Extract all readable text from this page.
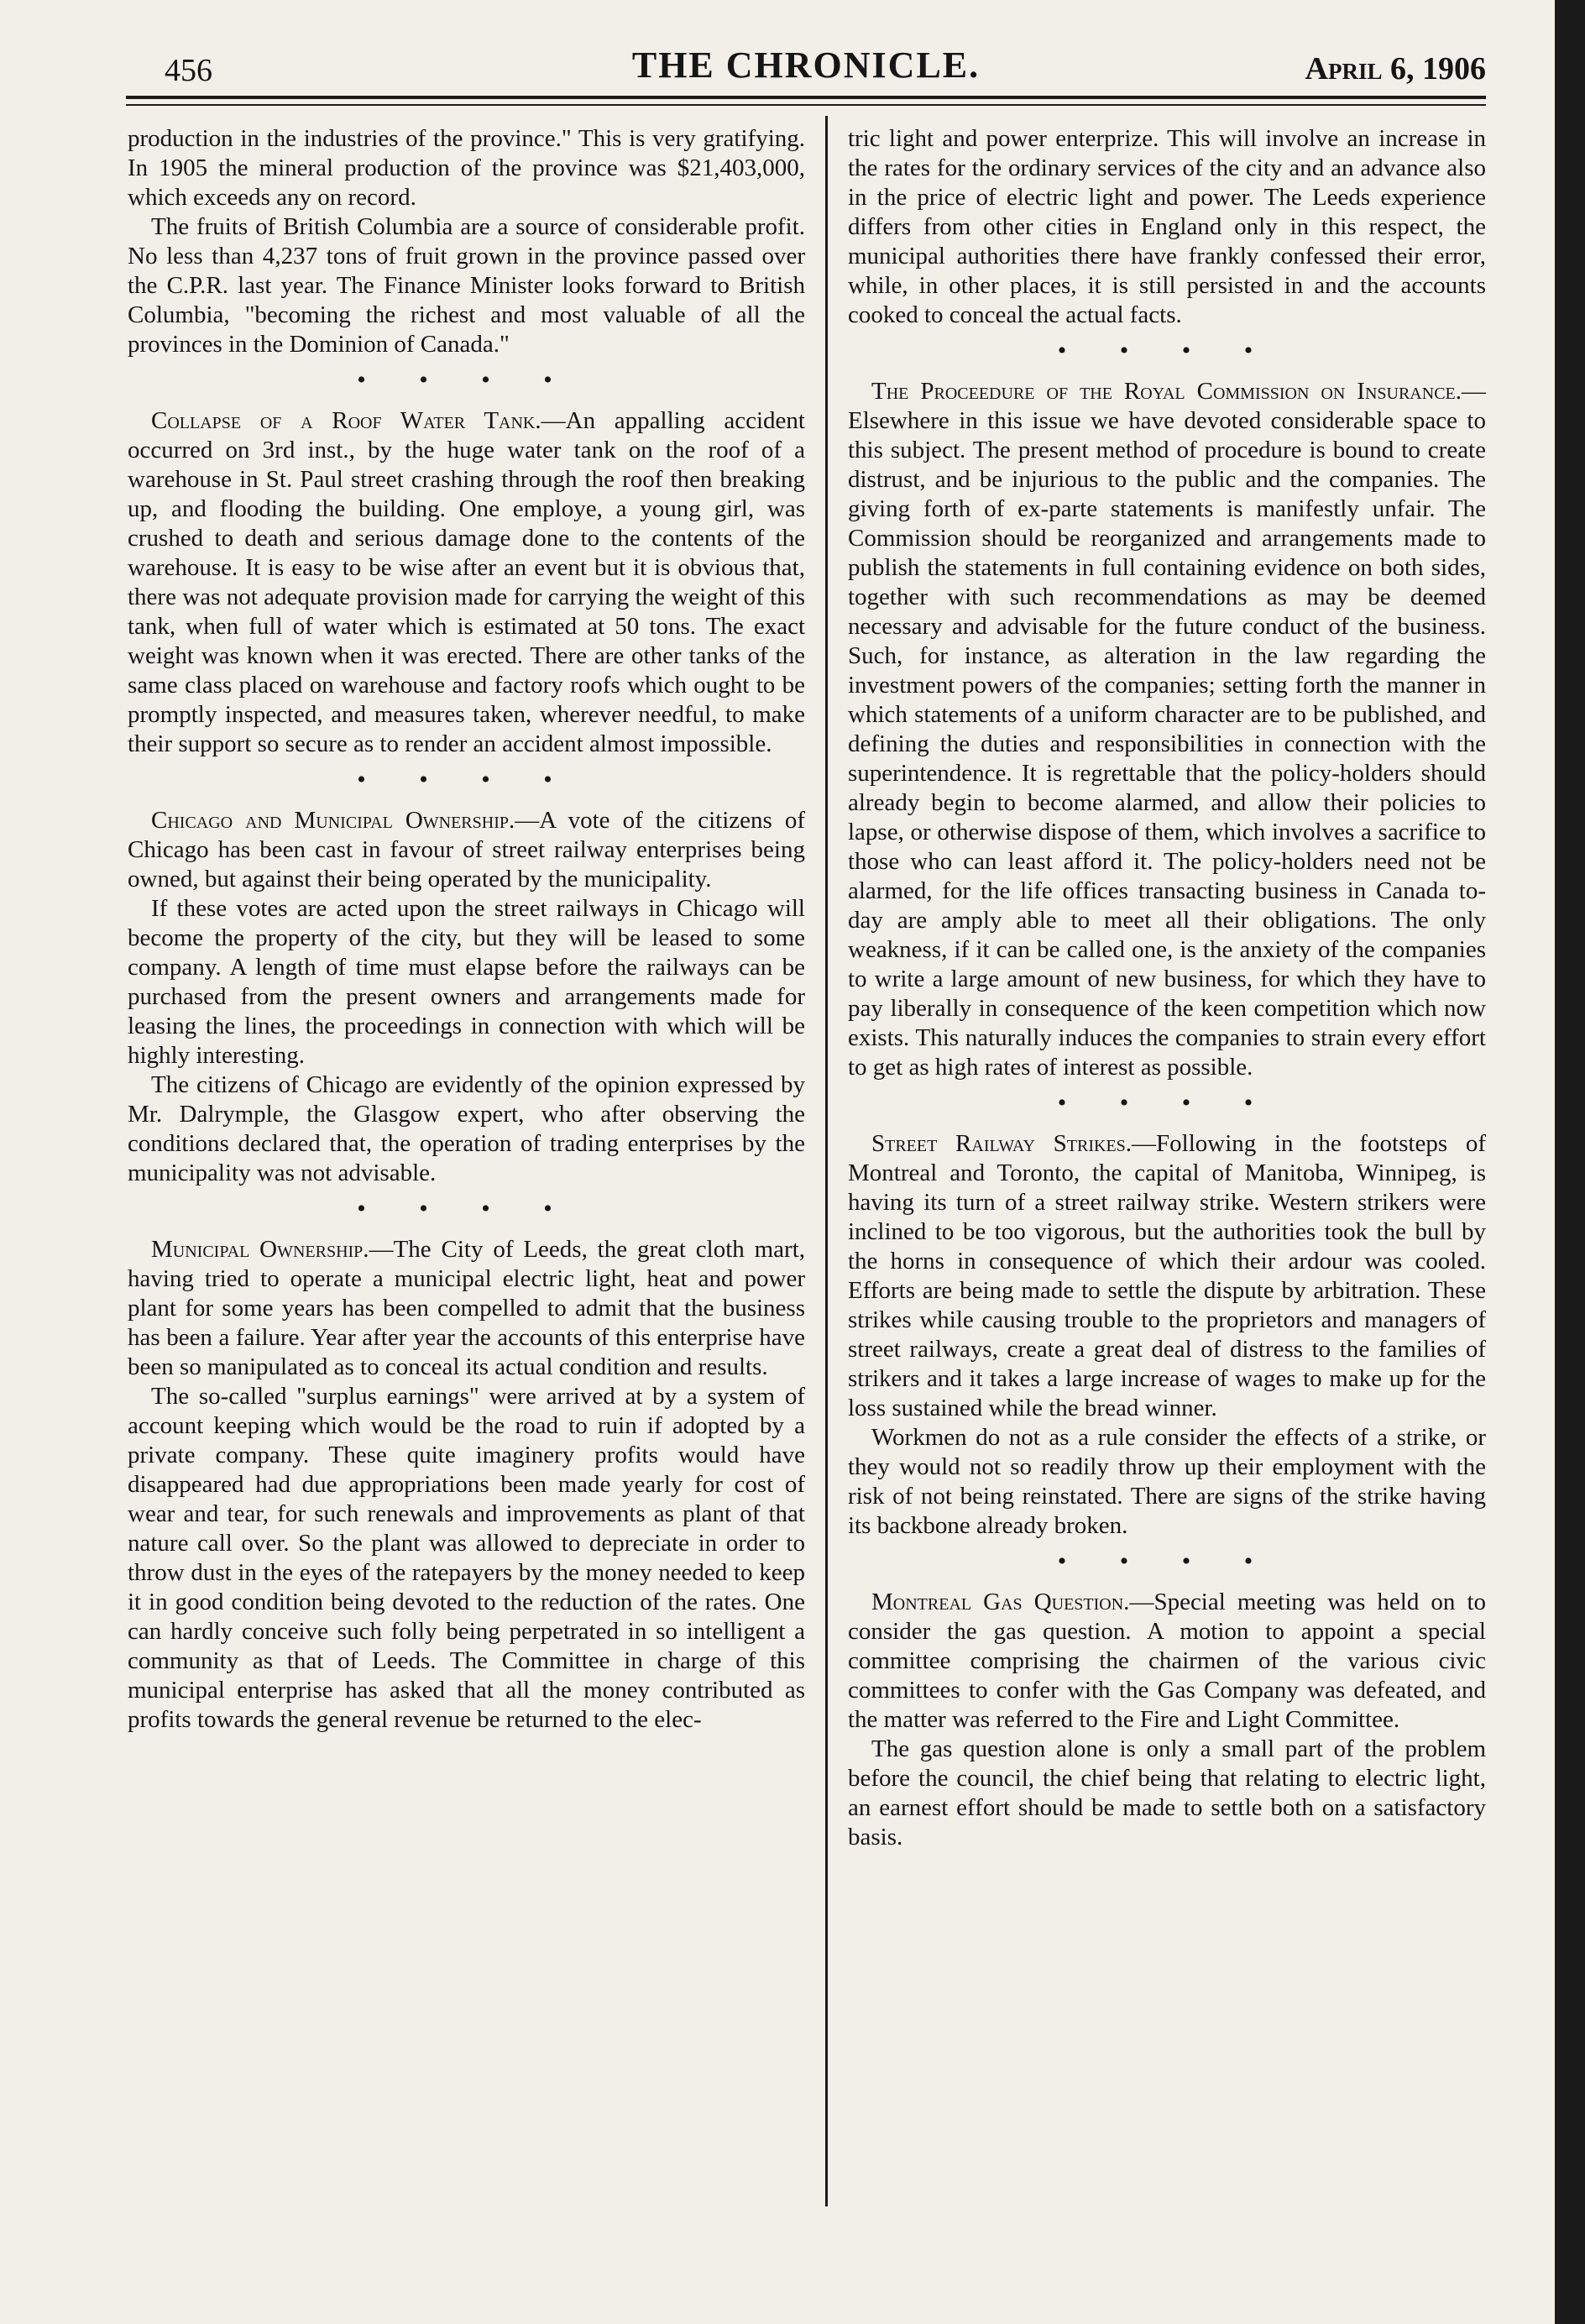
456	THE CHRONICLE.	April 6, 1906

production in the industries of the province." This is very gratifying. In 1905 the mineral production of the province was $21,403,000, which exceeds any on record.

The fruits of British Columbia are a source of considerable profit. No less than 4,237 tons of fruit grown in the province passed over the C.P.R. last year. The Finance Minister looks forward to British Columbia, "becoming the richest and most valuable of all the provinces in the Dominion of Canada."

• • • •

Collapse of a Roof Water Tank.—An appalling accident occurred on 3rd inst., by the huge water tank on the roof of a warehouse in St. Paul street crashing through the roof then breaking up, and flooding the building. One employe, a young girl, was crushed to death and serious damage done to the contents of the warehouse. It is easy to be wise after an event but it is obvious that, there was not adequate provision made for carrying the weight of this tank, when full of water which is estimated at 50 tons. The exact weight was known when it was erected. There are other tanks of the same class placed on warehouse and factory roofs which ought to be promptly inspected, and measures taken, wherever needful, to make their support so secure as to render an accident almost impossible.

• • • •

Chicago and Municipal Ownership.—A vote of the citizens of Chicago has been cast in favour of street railway enterprises being owned, but against their being operated by the municipality.

If these votes are acted upon the street railways in Chicago will become the property of the city, but they will be leased to some company. A length of time must elapse before the railways can be purchased from the present owners and arrangements made for leasing the lines, the proceedings in connection with which will be highly interesting.

The citizens of Chicago are evidently of the opinion expressed by Mr. Dalrymple, the Glasgow expert, who after observing the conditions declared that, the operation of trading enterprises by the municipality was not advisable.

• • • •

Municipal Ownership.—The City of Leeds, the great cloth mart, having tried to operate a municipal electric light, heat and power plant for some years has been compelled to admit that the business has been a failure. Year after year the accounts of this enterprise have been so manipulated as to conceal its actual condition and results.

The so-called "surplus earnings" were arrived at by a system of account keeping which would be the road to ruin if adopted by a private company. These quite imaginery profits would have disappeared had due appropriations been made yearly for cost of wear and tear, for such renewals and improvements as plant of that nature call over. So the plant was allowed to depreciate in order to throw dust in the eyes of the ratepayers by the money needed to keep it in good condition being devoted to the reduction of the rates. One can hardly conceive such folly being perpetrated in so intelligent a community as that of Leeds. The Committee in charge of this municipal enterprise has asked that all the money contributed as profits towards the general revenue be returned to the elec-

tric light and power enterprize. This will involve an increase in the rates for the ordinary services of the city and an advance also in the price of electric light and power. The Leeds experience differs from other cities in England only in this respect, the municipal authorities there have frankly confessed their error, while, in other places, it is still persisted in and the accounts cooked to conceal the actual facts.

• • • •

The Proceedure of the Royal Commission on Insurance.—Elsewhere in this issue we have devoted considerable space to this subject. The present method of procedure is bound to create distrust, and be injurious to the public and the companies. The giving forth of ex-parte statements is manifestly unfair. The Commission should be reorganized and arrangements made to publish the statements in full containing evidence on both sides, together with such recommendations as may be deemed necessary and advisable for the future conduct of the business. Such, for instance, as alteration in the law regarding the investment powers of the companies; setting forth the manner in which statements of a uniform character are to be published, and defining the duties and responsibilities in connection with the superintendence. It is regrettable that the policy-holders should already begin to become alarmed, and allow their policies to lapse, or otherwise dispose of them, which involves a sacrifice to those who can least afford it. The policy-holders need not be alarmed, for the life offices transacting business in Canada to-day are amply able to meet all their obligations. The only weakness, if it can be called one, is the anxiety of the companies to write a large amount of new business, for which they have to pay liberally in consequence of the keen competition which now exists. This naturally induces the companies to strain every effort to get as high rates of interest as possible.

• • • •

Street Railway Strikes.—Following in the footsteps of Montreal and Toronto, the capital of Manitoba, Winnipeg, is having its turn of a street railway strike. Western strikers were inclined to be too vigorous, but the authorities took the bull by the horns in consequence of which their ardour was cooled. Efforts are being made to settle the dispute by arbitration. These strikes while causing trouble to the proprietors and managers of street railways, create a great deal of distress to the families of strikers and it takes a large increase of wages to make up for the loss sustained while the bread winner.

Workmen do not as a rule consider the effects of a strike, or they would not so readily throw up their employment with the risk of not being reinstated. There are signs of the strike having its backbone already broken.

• • • •

Montreal Gas Question.—Special meeting was held on to consider the gas question. A motion to appoint a special committee comprising the chairmen of the various civic committees to confer with the Gas Company was defeated, and the matter was referred to the Fire and Light Committee.

The gas question alone is only a small part of the problem before the council, the chief being that relating to electric light, an earnest effort should be made to settle both on a satisfactory basis.
